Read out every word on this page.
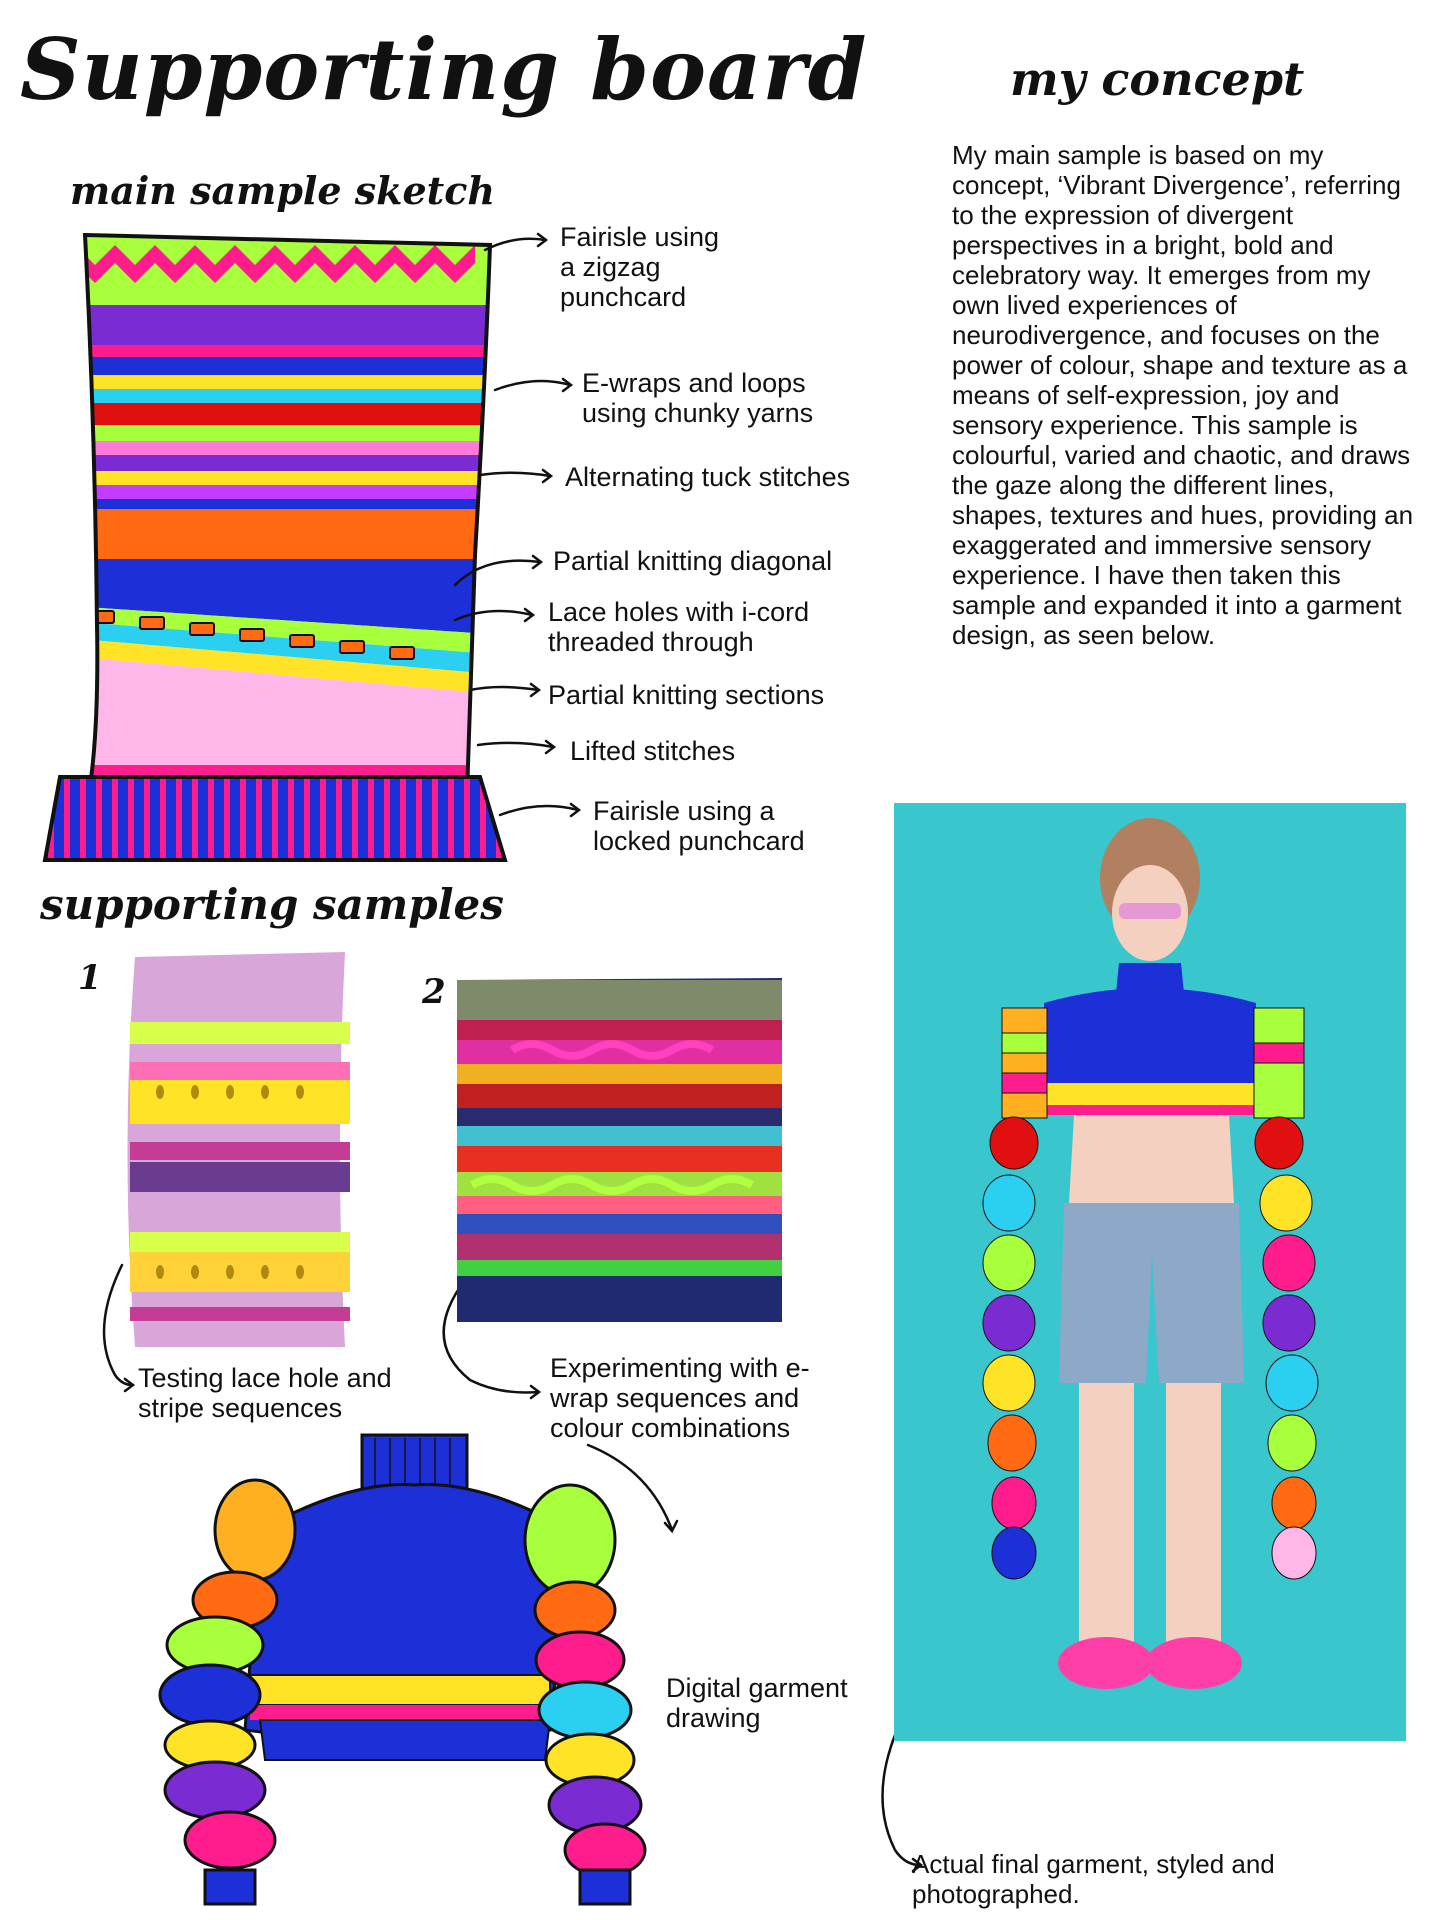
Supporting board
main sample sketch
my concept
supporting samples
My main sample is based on my concept, ‘Vibrant Divergence’, referring to the expression of divergent perspectives in a bright, bold and celebratory way. It emerges from my own lived experiences of neurodivergence, and focuses on the power of colour, shape and texture as a means of self-expression, joy and sensory experience. This sample is colourful, varied and chaotic, and draws the gaze along the different lines, shapes, textures and hues, providing an exaggerated and immersive sensory experience. I have then taken this sample and expanded it into a garment design, as seen below.
Fairisle using
a zigzag
punchcard
E-wraps and loops
using chunky yarns
Alternating tuck stitches
Partial knitting diagonal
Lace holes with i-cord
threaded through
Partial knitting sections
Lifted stitches
Fairisle using a
locked punchcard
1	2
Testing lace hole and
stripe sequences
Experimenting with e-
wrap sequences and
colour combinations
Digital garment
drawing
Actual final garment, styled and
photographed.
